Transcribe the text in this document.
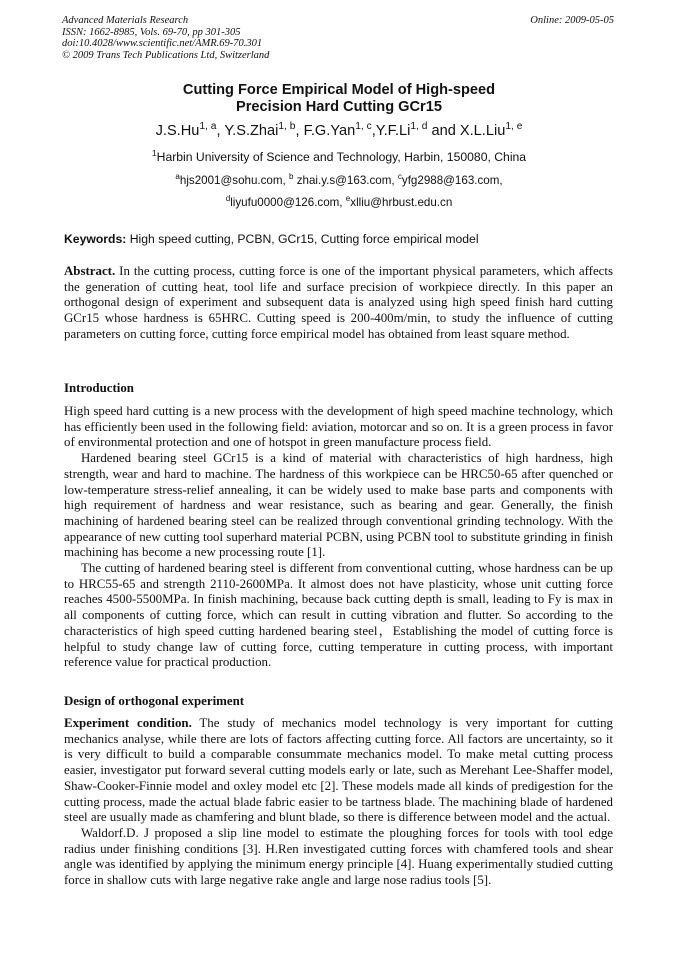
Advanced Materials Research
ISSN: 1662-8985, Vols. 69-70, pp 301-305
doi:10.4028/www.scientific.net/AMR.69-70.301
© 2009 Trans Tech Publications Ltd, Switzerland
Online: 2009-05-05
Cutting Force Empirical Model of High-speed
Precision Hard Cutting GCr15
J.S.Hu$^{1, a}$, Y.S.Zhai$^{1, b}$, F.G.Yan$^{1, c}$,Y.F.Li$^{1, d}$ and X.L.Liu$^{1, e}$
$^1$Harbin University of Science and Technology, Harbin, 150080, China
$^a$hjs2001@sohu.com, $^b$ zhai.y.s@163.com, $^c$yfg2988@163.com,
$^d$liyufu0000@126.com, $^e$xlliu@hrbust.edu.cn
Keywords: High speed cutting, PCBN, GCr15, Cutting force empirical model

Abstract. In the cutting process, cutting force is one of the important physical parameters, which affects the generation of cutting heat, tool life and surface precision of workpiece directly. In this paper an orthogonal design of experiment and subsequent data is analyzed using high speed finish hard cutting GCr15 whose hardness is 65HRC. Cutting speed is 200-400m/min, to study the influence of cutting parameters on cutting force, cutting force empirical model has obtained from least square method.

Introduction

High speed hard cutting is a new process with the development of high speed machine technology, which has efficiently been used in the following field: aviation, motorcar and so on. It is a green process in favor of environmental protection and one of hotspot in green manufacture process field.

Hardened bearing steel GCr15 is a kind of material with characteristics of high hardness, high strength, wear and hard to machine. The hardness of this workpiece can be HRC50-65 after quenched or low-temperature stress-relief annealing, it can be widely used to make base parts and components with high requirement of hardness and wear resistance, such as bearing and gear. Generally, the finish machining of hardened bearing steel can be realized through conventional grinding technology. With the appearance of new cutting tool superhard material PCBN, using PCBN tool to substitute grinding in finish machining has become a new processing route [1].

The cutting of hardened bearing steel is different from conventional cutting, whose hardness can be up to HRC55-65 and strength 2110-2600MPa. It almost does not have plasticity, whose unit cutting force reaches 4500-5500MPa. In finish machining, because back cutting depth is small, leading to Fy is max in all components of cutting force, which can result in cutting vibration and flutter. So according to the characteristics of high speed cutting hardened bearing steel，Establishing the model of cutting force is helpful to study change law of cutting force, cutting temperature in cutting process, with important reference value for practical production.

Design of orthogonal experiment

Experiment condition. The study of mechanics model technology is very important for cutting mechanics analyse, while there are lots of factors affecting cutting force. All factors are uncertainty, so it is very difficult to build a comparable consummate mechanics model. To make metal cutting process easier, investigator put forward several cutting models early or late, such as Merehant Lee-Shaffer model, Shaw-Cooker-Finnie model and oxley model etc [2]. These models made all kinds of predigestion for the cutting process, made the actual blade fabric easier to be tartness blade. The machining blade of hardened steel are usually made as chamfering and blunt blade, so there is difference between model and the actual.

Waldorf.D. J proposed a slip line model to estimate the ploughing forces for tools with tool edge radius under finishing conditions [3]. H.Ren investigated cutting forces with chamfered tools and shear angle was identified by applying the minimum energy principle [4]. Huang experimentally studied cutting force in shallow cuts with large negative rake angle and large nose radius tools [5].
